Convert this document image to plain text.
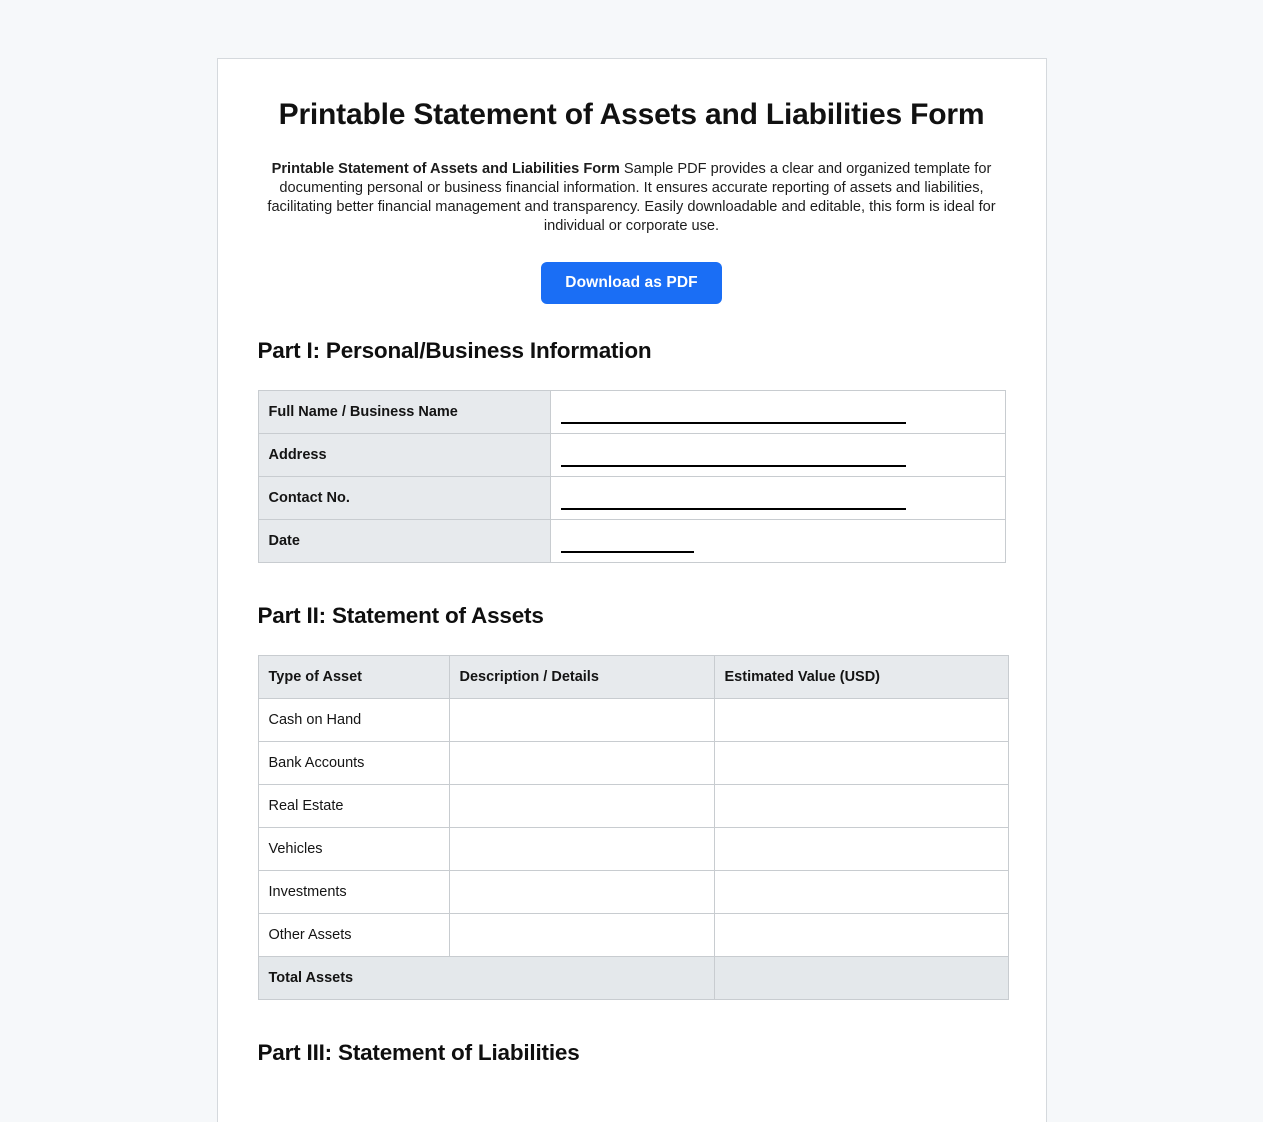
Printable Statement of Assets and Liabilities Form

Printable Statement of Assets and Liabilities Form Sample PDF provides a clear and organized template for documenting personal or business financial information. It ensures accurate reporting of assets and liabilities, facilitating better financial management and transparency. Easily downloadable and editable, this form is ideal for individual or corporate use.

Download as PDF
Part I: Personal/Business Information
Full Name / Business Name	
Address	
Contact No.	
Date	
Part II: Statement of Assets
Type of Asset	Description / Details	Estimated Value (USD)
Cash on Hand		
Bank Accounts		
Real Estate		
Vehicles		
Investments		
Other Assets		
Total Assets		
Part III: Statement of Liabilities
